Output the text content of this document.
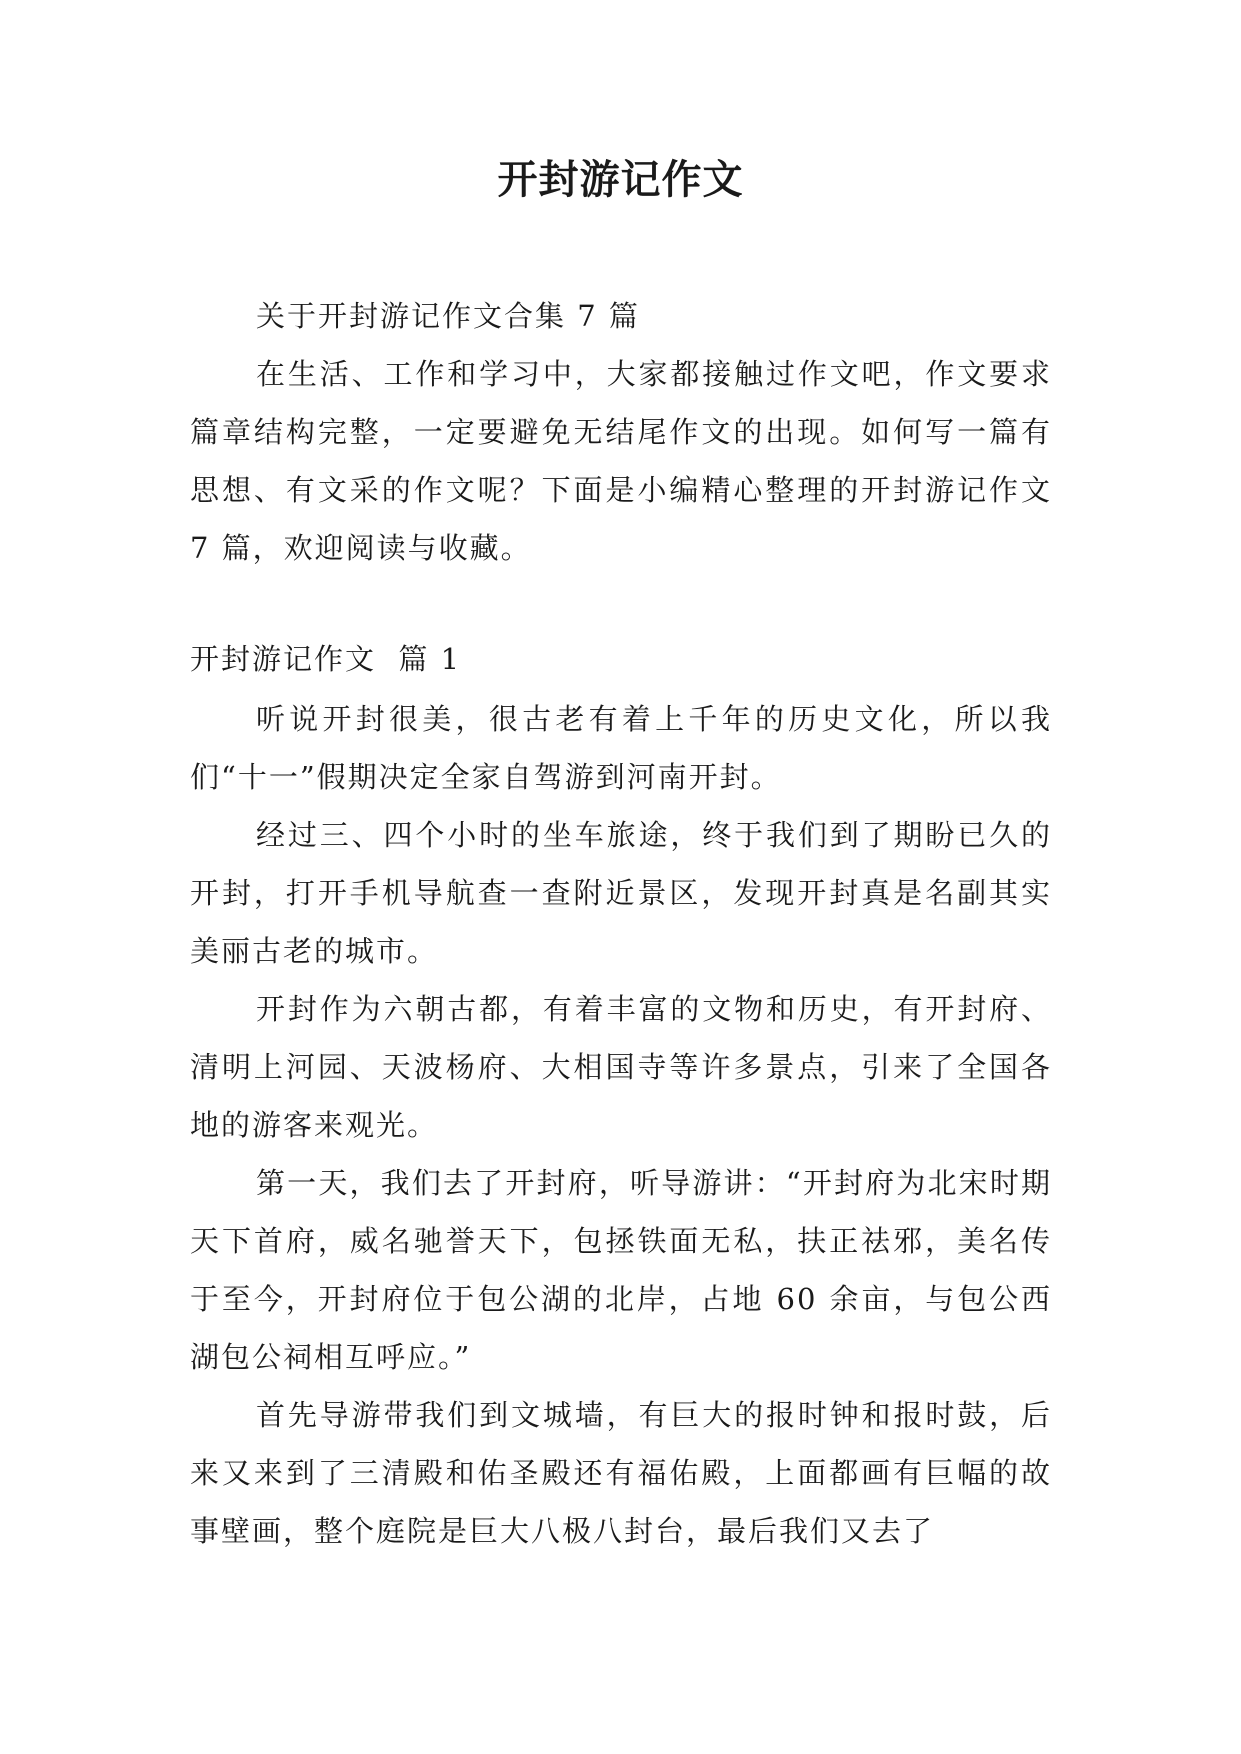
开封游记作文

关于开封游记作文合集 7 篇

在生活、工作和学习中，大家都接触过作文吧，作文要求篇章结构完整，一定要避免无结尾作文的出现。如何写一篇有思想、有文采的作文呢？下面是小编精心整理的开封游记作文 7 篇，欢迎阅读与收藏。

开封游记作文  篇 1

听说开封很美，很古老有着上千年的历史文化，所以我们“十一”假期决定全家自驾游到河南开封。

经过三、四个小时的坐车旅途，终于我们到了期盼已久的开封，打开手机导航查一查附近景区，发现开封真是名副其实美丽古老的城市。

开封作为六朝古都，有着丰富的文物和历史，有开封府、清明上河园、天波杨府、大相国寺等许多景点，引来了全国各地的游客来观光。

第一天，我们去了开封府，听导游讲：“开封府为北宋时期天下首府，威名驰誉天下，包拯铁面无私，扶正祛邪，美名传于至今，开封府位于包公湖的北岸，占地 60 余亩，与包公西湖包公祠相互呼应。”

首先导游带我们到文城墙，有巨大的报时钟和报时鼓，后来又来到了三清殿和佑圣殿还有福佑殿，上面都画有巨幅的故事壁画，整个庭院是巨大八极八封台，最后我们又去了
